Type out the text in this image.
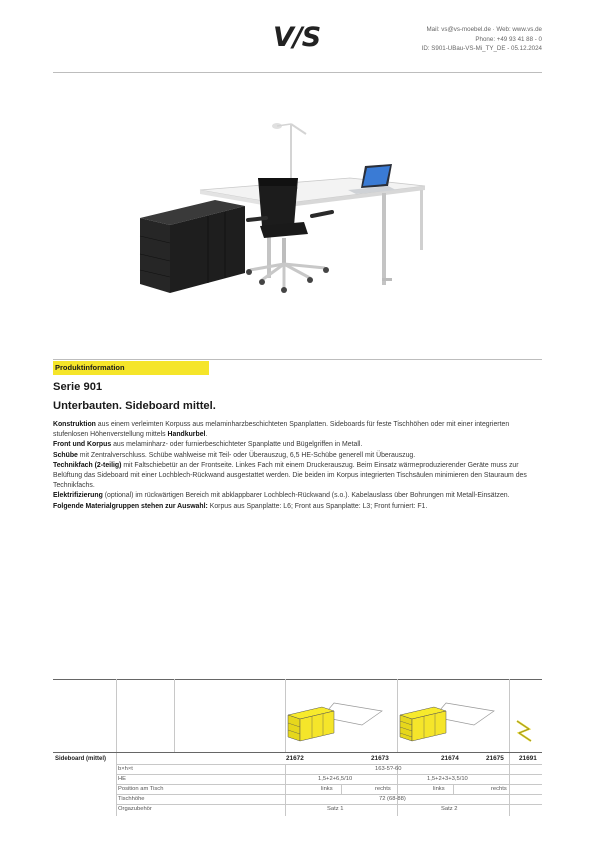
V/S	Mail: vs@vs-moebel.de · Web: www.vs.de
Phone: +49 93 41 88 - 0
ID: S901-UBau-VS-Mi_TY_DE - 05.12.2024
Produktinformation
Serie 901
Unterbauten. Sideboard mittel.

Konstruktion aus einem verleimten Korpuss aus melaminharzbeschichteten Spanplatten. Sideboards für feste Tischhöhen oder mit einer integrierten stufenlosen Höhenverstellung mittels Handkurbel.

Front und Korpus aus melaminharz- oder furnierbeschichteter Spanplatte und Bügelgriffen in Metall.

Schübe mit Zentralverschluss. Schübe wahlweise mit Teil- oder Überauszug, 6,5 HE-Schübe generell mit Überauszug.

Technikfach (2-teilig) mit Faltschiebetür an der Frontseite. Linkes Fach mit einem Druckerauszug. Beim Einsatz wärmeproduzierender Geräte muss zur Belüftung das Sideboard mit einer Lochblech-Rückwand ausgestattet werden. Die beiden im Korpus integrierten Tischsäulen minimieren den Stauraum des Technikfachs.

Elektrifizierung (optional) im rückwärtigen Bereich mit abklappbarer Lochblech-Rückwand (s.o.). Kabelauslass über Bohrungen mit Metall-Einsätzen.

Folgende Materialgruppen stehen zur Auswahl: Korpus aus Spanplatte: L6; Front aus Spanplatte: L3; Front furniert: F1.

Sideboard (mittel)	21672	21673	21674	21675 21691
b×h×t	163-5?-60
HE	1,5+2+6,5/10	1,5+2+3+3,5/10
Position am Tisch	links	rechts	links	rechts
Tischhöhe	72 (68-88)
Orgazubehör	Satz 1	Satz 2
